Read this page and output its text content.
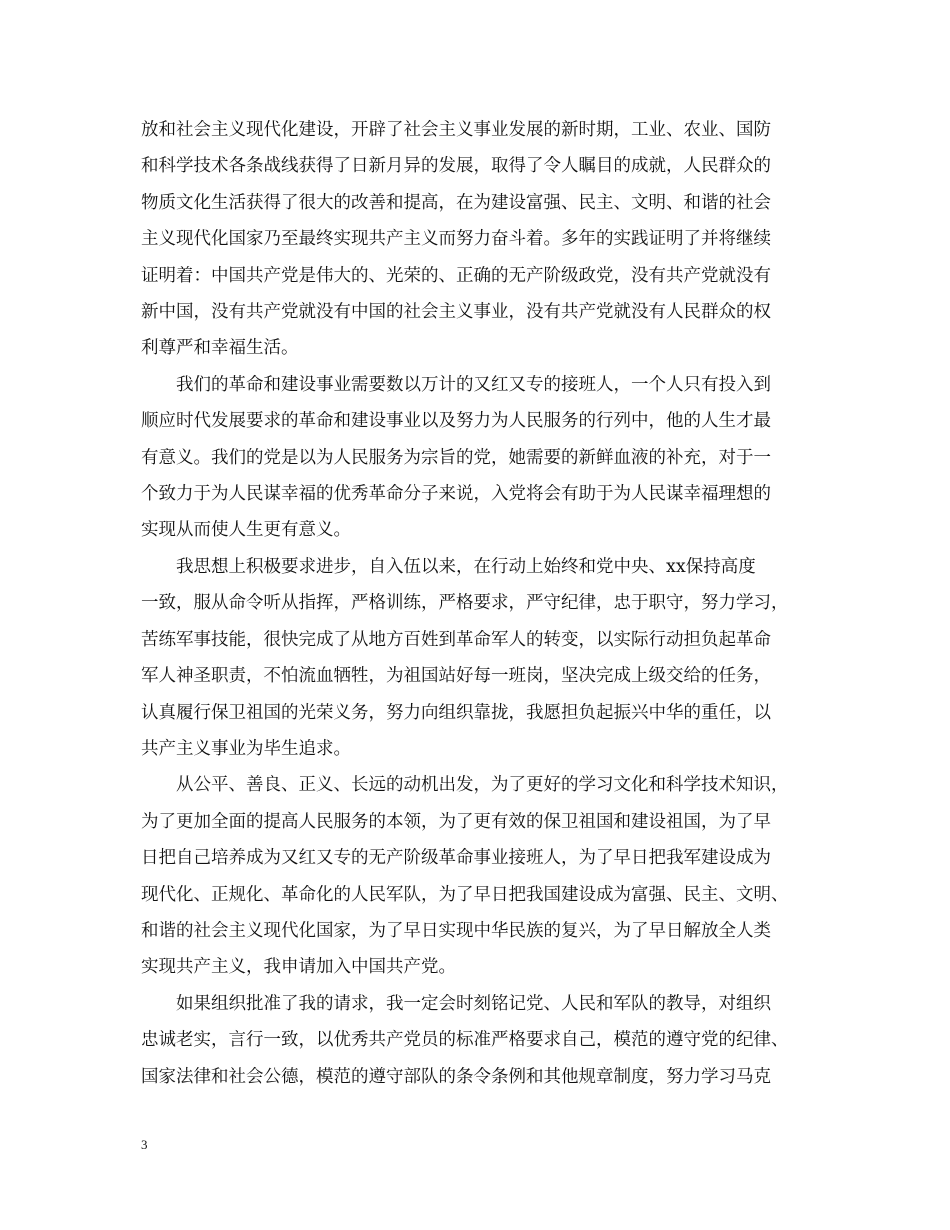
放和社会主义现代化建设，开辟了社会主义事业发展的新时期，工业、农业、国防
和科学技术各条战线获得了日新月异的发展，取得了令人瞩目的成就，人民群众的
物质文化生活获得了很大的改善和提高，在为建设富强、民主、文明、和谐的社会
主义现代化国家乃至最终实现共产主义而努力奋斗着。多年的实践证明了并将继续
证明着：中国共产党是伟大的、光荣的、正确的无产阶级政党，没有共产党就没有
新中国，没有共产党就没有中国的社会主义事业，没有共产党就没有人民群众的权
利尊严和幸福生活。

　　我们的革命和建设事业需要数以万计的又红又专的接班人，一个人只有投入到
顺应时代发展要求的革命和建设事业以及努力为人民服务的行列中，他的人生才最
有意义。我们的党是以为人民服务为宗旨的党，她需要的新鲜血液的补充，对于一
个致力于为人民谋幸福的优秀革命分子来说，入党将会有助于为人民谋幸福理想的
实现从而使人生更有意义。

　　我思想上积极要求进步，自入伍以来，在行动上始终和党中央、xx保持高度
一致，服从命令听从指挥，严格训练，严格要求，严守纪律，忠于职守，努力学习，
苦练军事技能，很快完成了从地方百姓到革命军人的转变，以实际行动担负起革命
军人神圣职责，不怕流血牺牲，为祖国站好每一班岗，坚决完成上级交给的任务，
认真履行保卫祖国的光荣义务，努力向组织靠拢，我愿担负起振兴中华的重任，以
共产主义事业为毕生追求。

　　从公平、善良、正义、长远的动机出发，为了更好的学习文化和科学技术知识，
为了更加全面的提高人民服务的本领，为了更有效的保卫祖国和建设祖国，为了早
日把自己培养成为又红又专的无产阶级革命事业接班人，为了早日把我军建设成为
现代化、正规化、革命化的人民军队，为了早日把我国建设成为富强、民主、文明、
和谐的社会主义现代化国家，为了早日实现中华民族的复兴，为了早日解放全人类
实现共产主义，我申请加入中国共产党。

　　如果组织批准了我的请求，我一定会时刻铭记党、人民和军队的教导，对组织
忠诚老实，言行一致，以优秀共产党员的标准严格要求自己，模范的遵守党的纪律、
国家法律和社会公德，模范的遵守部队的条令条例和其他规章制度，努力学习马克

3
